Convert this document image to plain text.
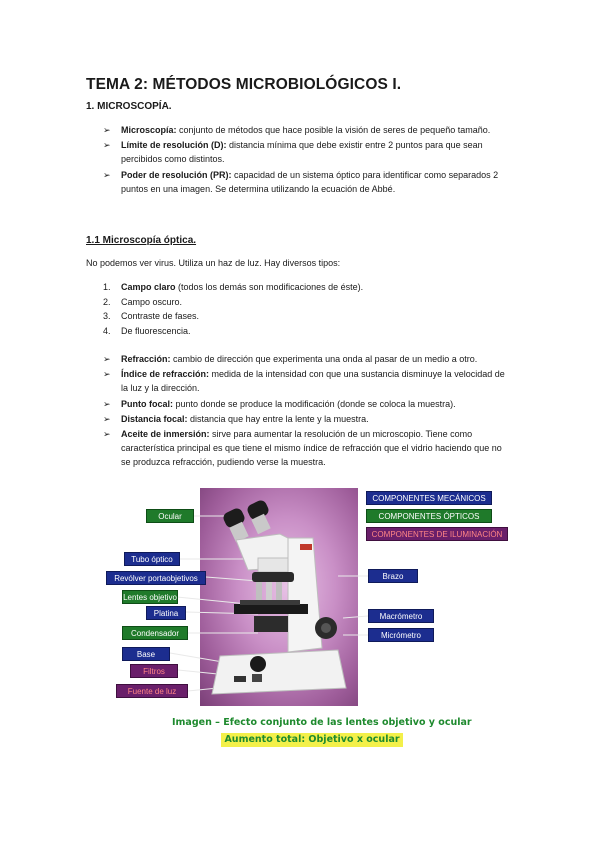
TEMA 2: MÉTODOS MICROBIOLÓGICOS I.
1. MICROSCOPÍA.
➢ Microscopía: conjunto de métodos que hace posible la visión de seres de pequeño tamaño.
➢ Límite de resolución (D): distancia mínima que debe existir entre 2 puntos para que sean percibidos como distintos.
➢ Poder de resolución (PR): capacidad de un sistema óptico para identificar como separados 2 puntos en una imagen. Se determina utilizando la ecuación de Abbé.
1.1 Microscopía óptica.

No podemos ver virus. Utiliza un haz de luz. Hay diversos tipos:

1. Campo claro (todos los demás son modificaciones de éste).
2. Campo oscuro.
3. Contraste de fases.
4. De fluorescencia.
➢ Refracción: cambio de dirección que experimenta una onda al pasar de un medio a otro.
➢ Índice de refracción: medida de la intensidad con que una sustancia disminuye la velocidad de la luz y la dirección.
➢ Punto focal: punto donde se produce la modificación (donde se coloca la muestra).
➢ Distancia focal: distancia que hay entre la lente y la muestra.
➢ Aceite de inmersión: sirve para aumentar la resolución de un microscopio. Tiene como característica principal es que tiene el mismo índice de refracción que el vidrio haciendo que no se produzca refracción, pudiendo verse la muestra.
Ocular
Tubo óptico
Revólver portaobjetivos
Lentes objetivo
Platina
Condensador
Base
Filtros
Fuente de luz
COMPONENTES MECÁNICOS
COMPONENTES ÓPTICOS
COMPONENTES DE ILUMINACIÓN
Brazo
Macrómetro
Micrómetro
Imagen – Efecto conjunto de las lentes objetivo y ocular
Aumento total: Objetivo x ocular
